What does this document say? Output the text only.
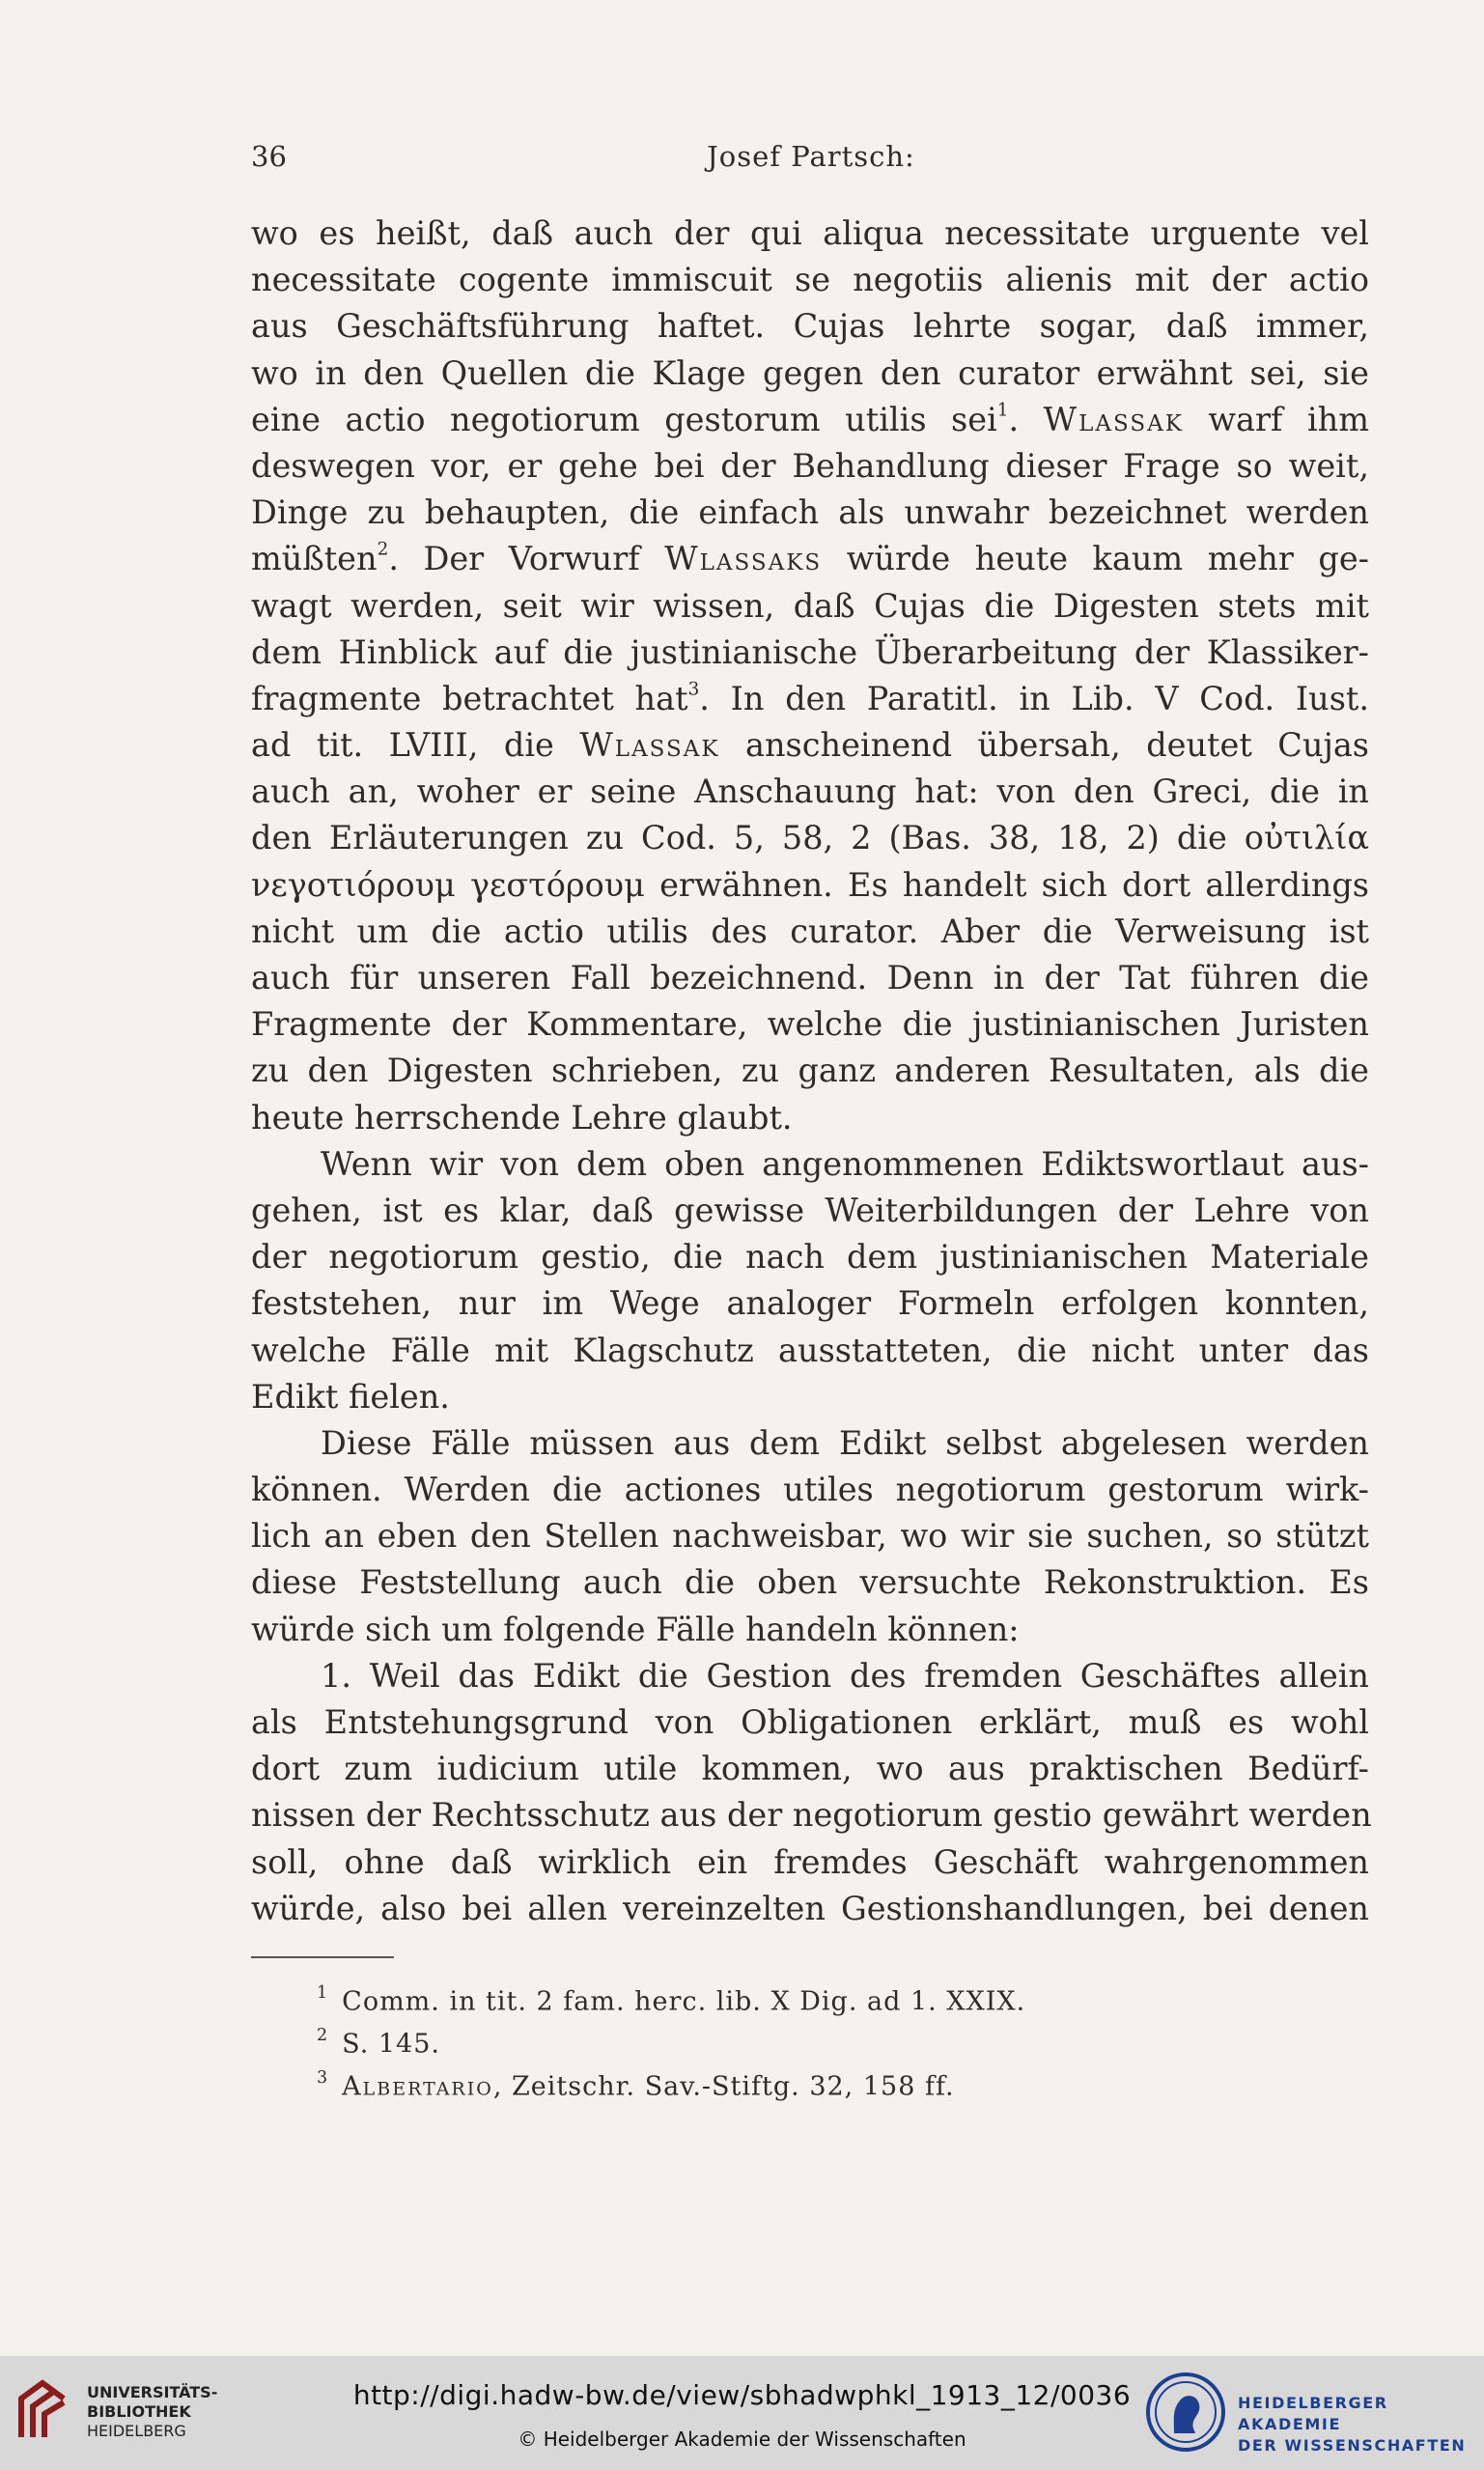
36	Josef Partsch:
wo es heißt, daß auch der qui aliqua necessitate urguente vel
necessitate cogente immiscuit se negotiis alienis mit der actio
aus Geschäftsführung haftet. Cujas lehrte sogar, daß immer,
wo in den Quellen die Klage gegen den curator erwähnt sei, sie
eine actio negotiorum gestorum utilis sei$^1$. Wlassak warf ihm
deswegen vor, er gehe bei der Behandlung dieser Frage so weit,
Dinge zu behaupten, die einfach als unwahr bezeichnet werden
müßten$^2$. Der Vorwurf Wlassaks würde heute kaum mehr ge-
wagt werden, seit wir wissen, daß Cujas die Digesten stets mit
dem Hinblick auf die justinianische Überarbeitung der Klassiker-
fragmente betrachtet hat$^3$. In den Paratitl. in Lib. V Cod. Iust.
ad tit. LVIII, die Wlassak anscheinend übersah, deutet Cujas
auch an, woher er seine Anschauung hat: von den Greci, die in
den Erläuterungen zu Cod. 5, 58, 2 (Bas. 38, 18, 2) die οὐτιλία
νεγοτιόρουμ γεστόρουμ erwähnen. Es handelt sich dort allerdings
nicht um die actio utilis des curator. Aber die Verweisung ist
auch für unseren Fall bezeichnend. Denn in der Tat führen die
Fragmente der Kommentare, welche die justinianischen Juristen
zu den Digesten schrieben, zu ganz anderen Resultaten, als die
heute herrschende Lehre glaubt.
Wenn wir von dem oben angenommenen Ediktswortlaut aus-
gehen, ist es klar, daß gewisse Weiterbildungen der Lehre von
der negotiorum gestio, die nach dem justinianischen Materiale
feststehen, nur im Wege analoger Formeln erfolgen konnten,
welche Fälle mit Klagschutz ausstatteten, die nicht unter das
Edikt fielen.
Diese Fälle müssen aus dem Edikt selbst abgelesen werden
können. Werden die actiones utiles negotiorum gestorum wirk-
lich an eben den Stellen nachweisbar, wo wir sie suchen, so stützt
diese Feststellung auch die oben versuchte Rekonstruktion. Es
würde sich um folgende Fälle handeln können:
1. Weil das Edikt die Gestion des fremden Geschäftes allein
als Entstehungsgrund von Obligationen erklärt, muß es wohl
dort zum iudicium utile kommen, wo aus praktischen Bedürf-
nissen der Rechtsschutz aus der negotiorum gestio gewährt werden
soll, ohne daß wirklich ein fremdes Geschäft wahrgenommen
würde, also bei allen vereinzelten Gestionshandlungen, bei denen
$^1$ Comm. in tit. 2 fam. herc. lib. X Dig. ad 1. XXIX.
$^2$ S. 145.
$^3$ Albertario, Zeitschr. Sav.-Stiftg. 32, 158 ff.
UNIVERSITÄTS-
BIBLIOTHEK
HEIDELBERG
http://digi.hadw-bw.de/view/sbhadwphkl_1913_12/0036
© Heidelberger Akademie der Wissenschaften
HEIDELBERGER AKADEMIE
DER WISSENSCHAFTEN
